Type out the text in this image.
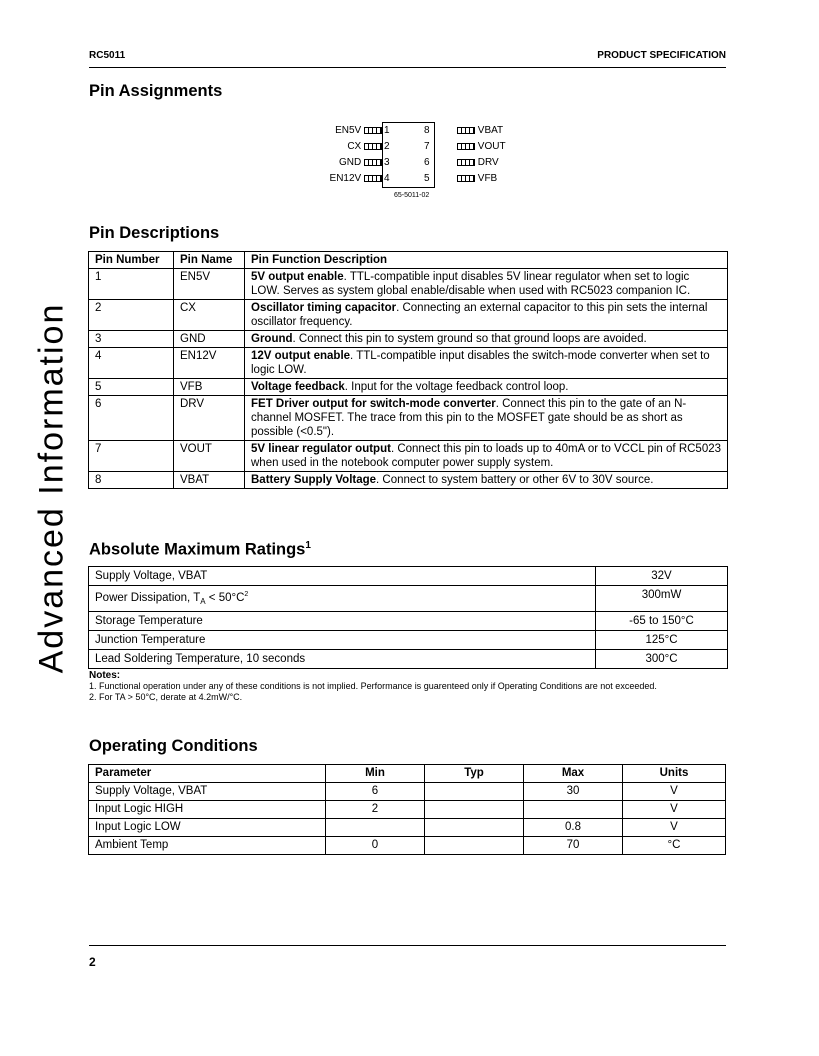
RC5011	PRODUCT SPECIFICATION
Advanced Information
Pin Assignments
EN5V	1
CX	2
GND	3
EN12V	4
VBAT
8
VOUT
7
DRV
6
VFB
5
65-5011-02
Pin Descriptions
Pin Number	Pin Name	Pin Function Description
1	EN5V	5V output enable. TTL-compatible input disables 5V linear regulator when set to logic LOW. Serves as system global enable/disable when used with RC5023 companion IC.
2	CX	Oscillator timing capacitor. Connecting an external capacitor to this pin sets the internal oscillator frequency.
3	GND	Ground. Connect this pin to system ground so that ground loops are avoided.
4	EN12V	12V output enable. TTL-compatible input disables the switch-mode converter when set to logic LOW.
5	VFB	Voltage feedback. Input for the voltage feedback control loop.
6	DRV	FET Driver output for switch-mode converter. Connect this pin to the gate of an N-channel MOSFET. The trace from this pin to the MOSFET gate should be as short as possible (<0.5").
7	VOUT	5V linear regulator output. Connect this pin to loads up to 40mA or to VCCL pin of RC5023 when used in the notebook computer power supply system.
8	VBAT	Battery Supply Voltage. Connect to system battery or other 6V to 30V source.
Absolute Maximum Ratings$^1$
Supply Voltage, VBAT	32V
Power Dissipation, $T_A < 50^\circ C^2$	300mW
Storage Temperature	-65 to 150°C
Junction Temperature	125°C
Lead Soldering Temperature, 10 seconds	300°C
Notes:
1. Functional operation under any of these conditions is not implied. Performance is guarenteed only if Operating Conditions are not exceeded.
2. For TA > 50°C, derate at 4.2mW/°C.
Operating Conditions
Parameter	Min	Typ	Max	Units
Supply Voltage, VBAT	6		30	V
Input Logic HIGH	2			V
Input Logic LOW			0.8	V
Ambient Temp	0		70	°C
2
